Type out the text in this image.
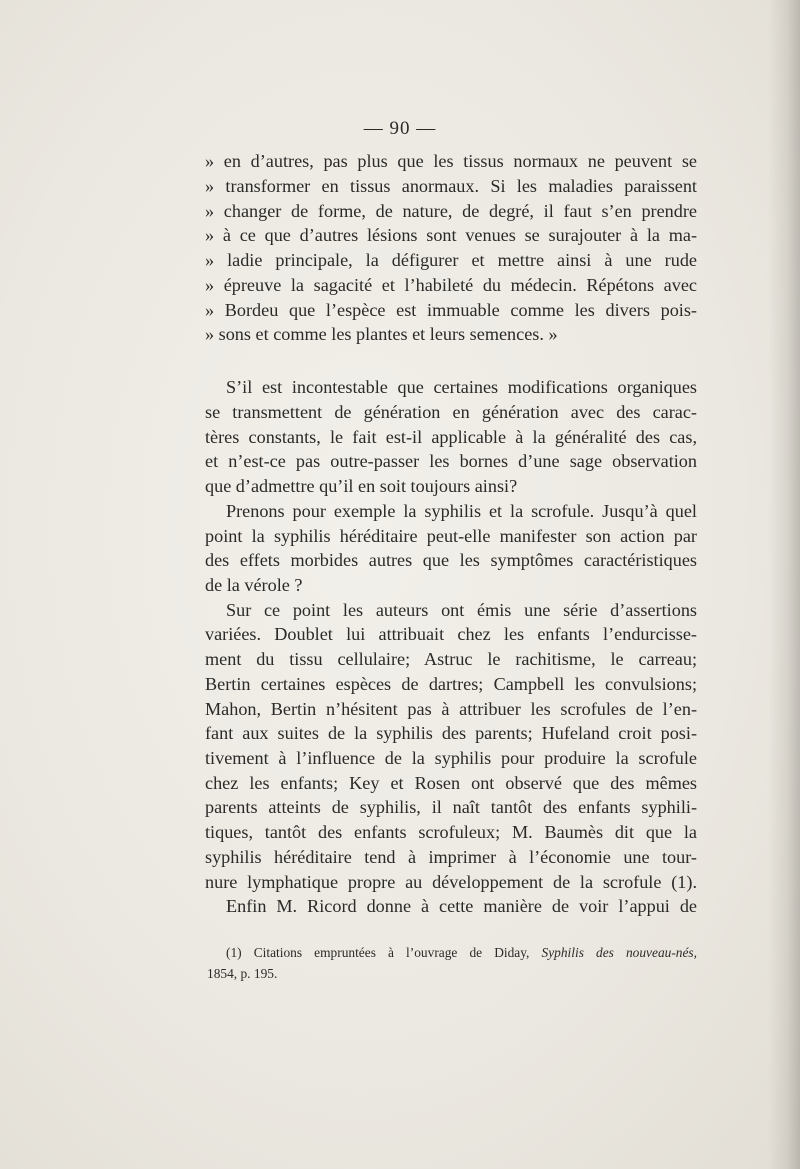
— 90 —
» en d’autres, pas plus que les tissus normaux ne peuvent se
» transformer en tissus anormaux. Si les maladies paraissent
» changer de forme, de nature, de degré, il faut s’en prendre
» à ce que d’autres lésions sont venues se surajouter à la ma-
» ladie principale, la défigurer et mettre ainsi à une rude
» épreuve la sagacité et l’habileté du médecin. Répétons avec
» Bordeu que l’espèce est immuable comme les divers pois-
» sons et comme les plantes et leurs semences. »
S’il est incontestable que certaines modifications organiques
se transmettent de génération en génération avec des carac-
tères constants, le fait est-il applicable à la généralité des cas,
et n’est-ce pas outre-passer les bornes d’une sage observation
que d’admettre qu’il en soit toujours ainsi?
Prenons pour exemple la syphilis et la scrofule. Jusqu’à quel
point la syphilis héréditaire peut-elle manifester son action par
des effets morbides autres que les symptômes caractéristiques
de la vérole ?
Sur ce point les auteurs ont émis une série d’assertions
variées. Doublet lui attribuait chez les enfants l’endurcisse-
ment du tissu cellulaire; Astruc le rachitisme, le carreau;
Bertin certaines espèces de dartres; Campbell les convulsions;
Mahon, Bertin n’hésitent pas à attribuer les scrofules de l’en-
fant aux suites de la syphilis des parents; Hufeland croit posi-
tivement à l’influence de la syphilis pour produire la scrofule
chez les enfants; Key et Rosen ont observé que des mêmes
parents atteints de syphilis, il naît tantôt des enfants syphili-
tiques, tantôt des enfants scrofuleux; M. Baumès dit que la
syphilis héréditaire tend à imprimer à l’économie une tour-
nure lymphatique propre au développement de la scrofule (1).
Enfin M. Ricord donne à cette manière de voir l’appui de
(1) Citations empruntées à l’ouvrage de Diday, Syphilis des nouveau-nés,
1854, p. 195.
